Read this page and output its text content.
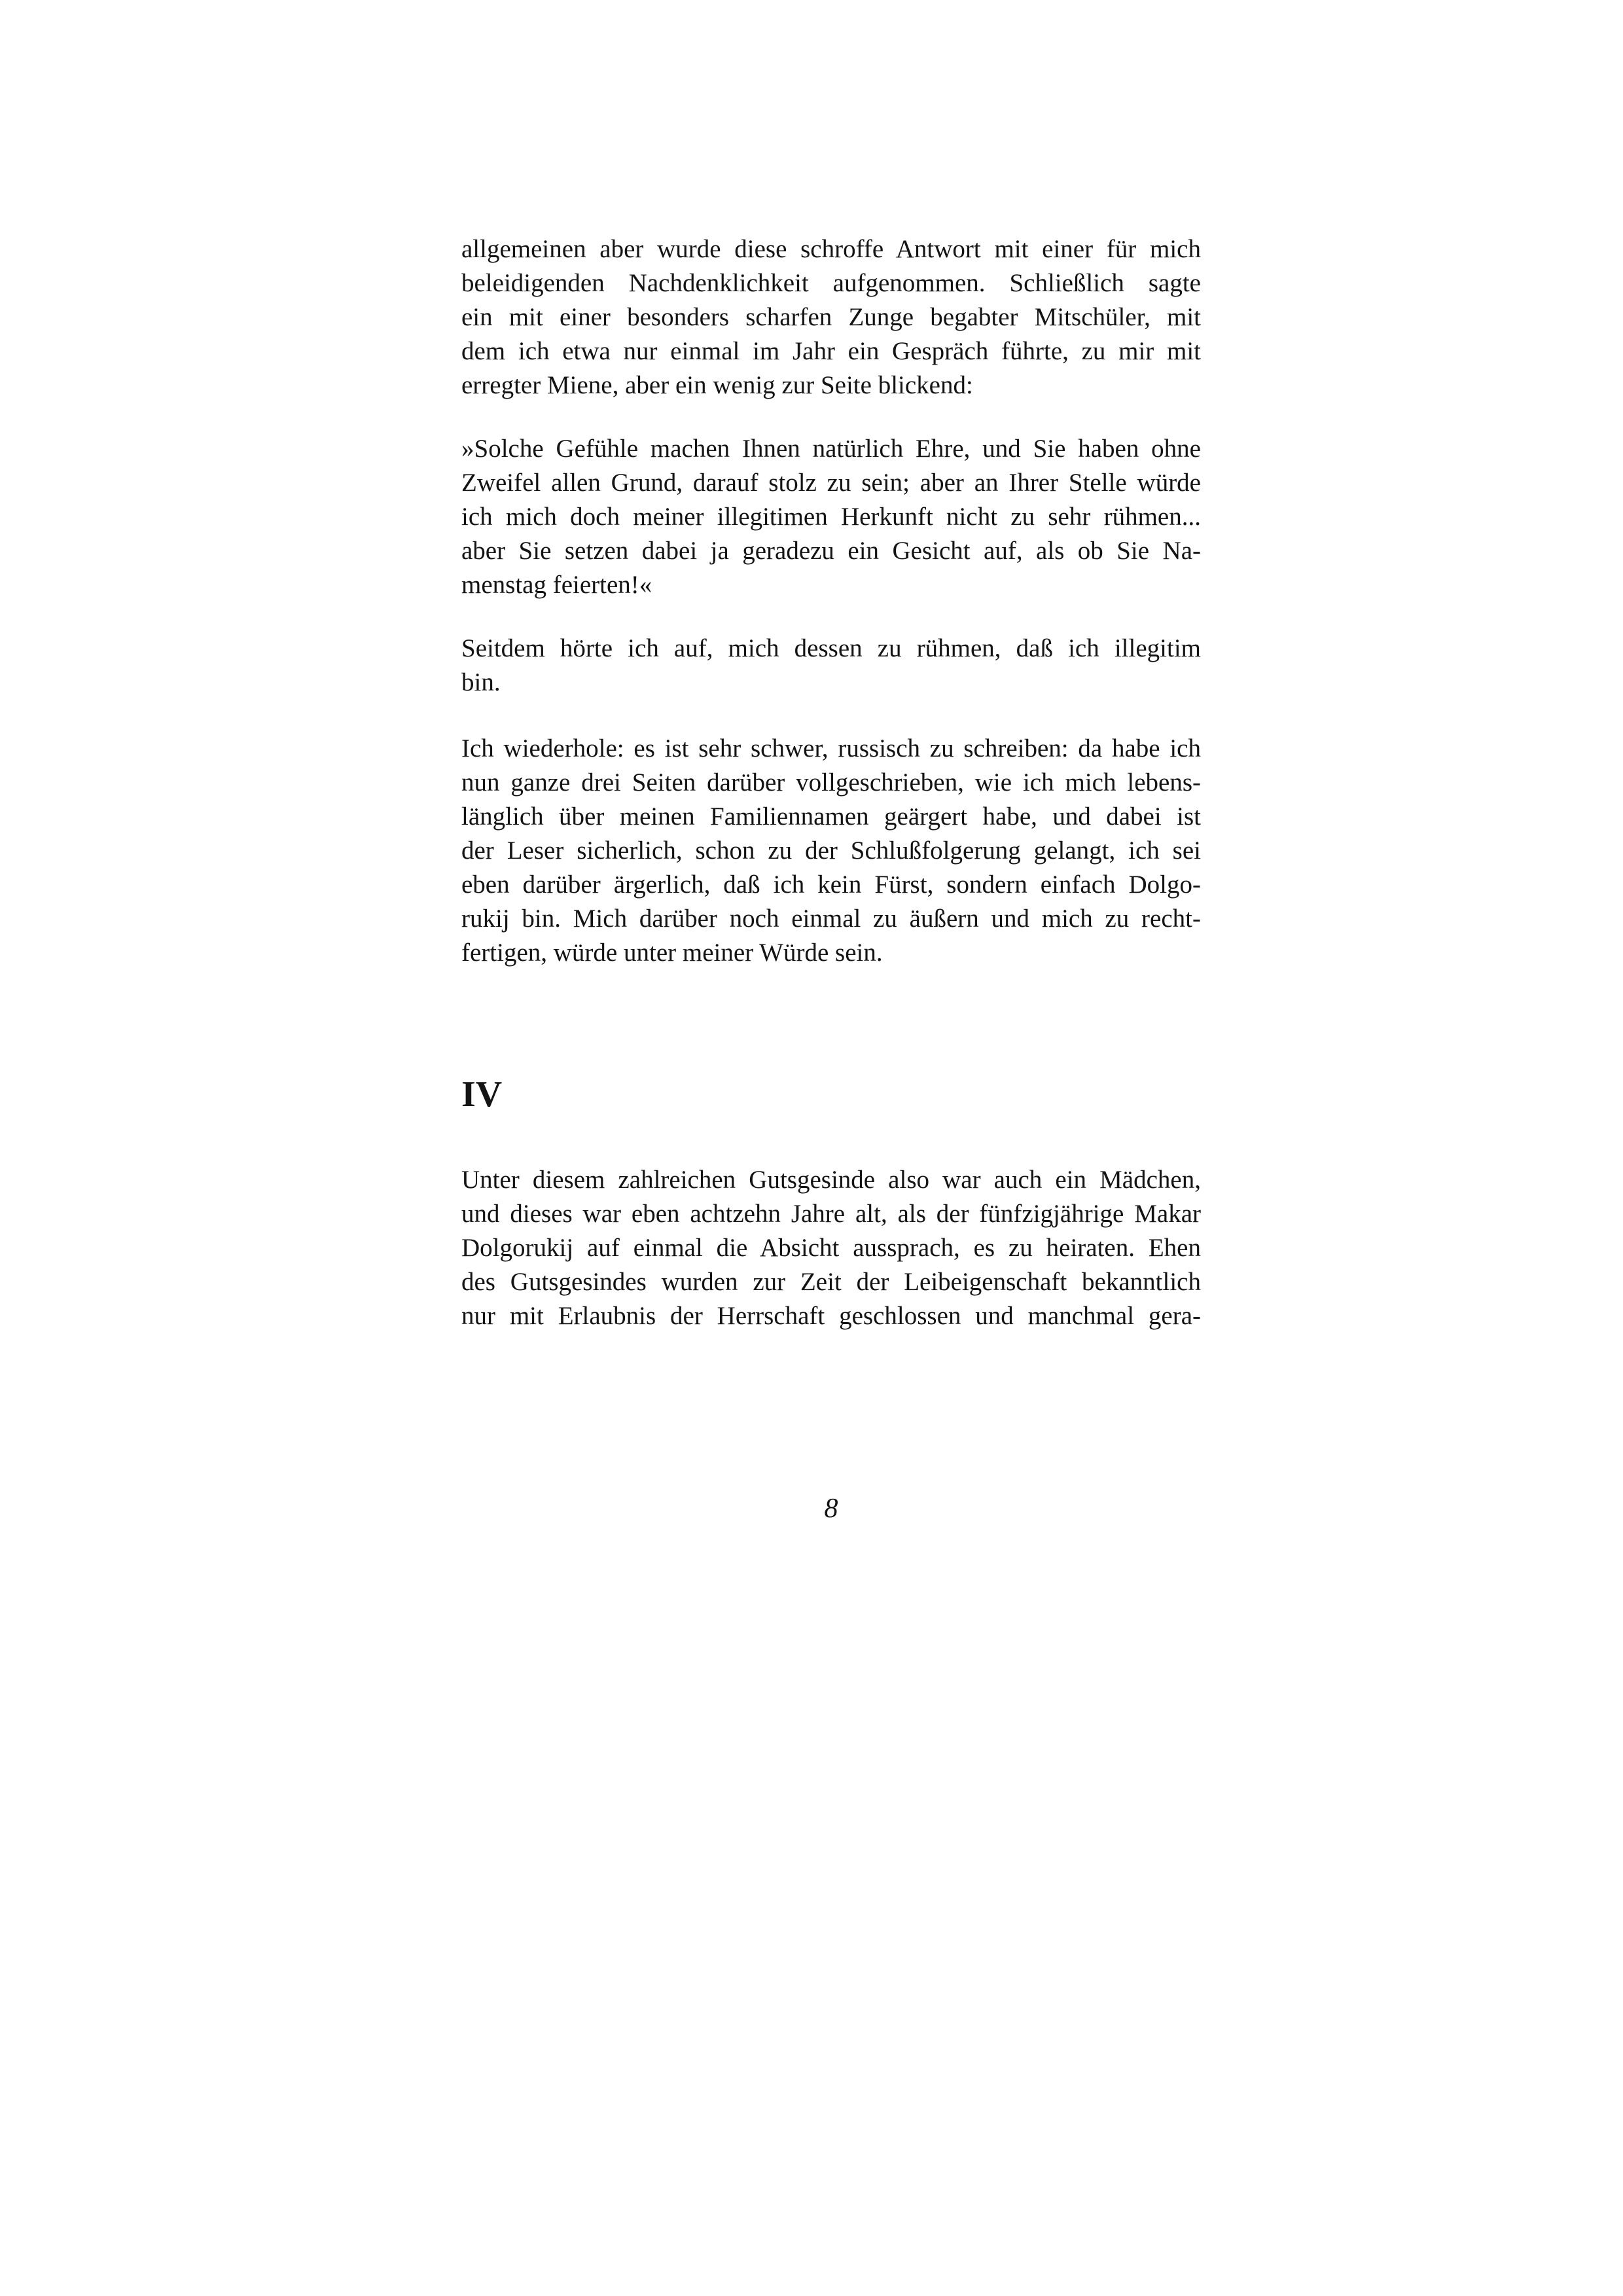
allgemeinen aber wurde diese schroffe Antwort mit einer für mich
beleidigenden Nachdenklichkeit aufgenommen. Schließlich sagte
ein mit einer besonders scharfen Zunge begabter Mitschüler, mit
dem ich etwa nur einmal im Jahr ein Gespräch führte, zu mir mit
erregter Miene, aber ein wenig zur Seite blickend:
»Solche Gefühle machen Ihnen natürlich Ehre, und Sie haben ohne
Zweifel allen Grund, darauf stolz zu sein; aber an Ihrer Stelle würde
ich mich doch meiner illegitimen Herkunft nicht zu sehr rühmen...
aber Sie setzen dabei ja geradezu ein Gesicht auf, als ob Sie Na-
menstag feierten!«
Seitdem hörte ich auf, mich dessen zu rühmen, daß ich illegitim
bin.
Ich wiederhole: es ist sehr schwer, russisch zu schreiben: da habe ich
nun ganze drei Seiten darüber vollgeschrieben, wie ich mich lebens-
länglich über meinen Familiennamen geärgert habe, und dabei ist
der Leser sicherlich, schon zu der Schlußfolgerung gelangt, ich sei
eben darüber ärgerlich, daß ich kein Fürst, sondern einfach Dolgo-
rukij bin. Mich darüber noch einmal zu äußern und mich zu recht-
fertigen, würde unter meiner Würde sein.
IV
Unter diesem zahlreichen Gutsgesinde also war auch ein Mädchen,
und dieses war eben achtzehn Jahre alt, als der fünfzigjährige Makar
Dolgorukij auf einmal die Absicht aussprach, es zu heiraten. Ehen
des Gutsgesindes wurden zur Zeit der Leibeigenschaft bekanntlich
nur mit Erlaubnis der Herrschaft geschlossen und manchmal gera-
8
